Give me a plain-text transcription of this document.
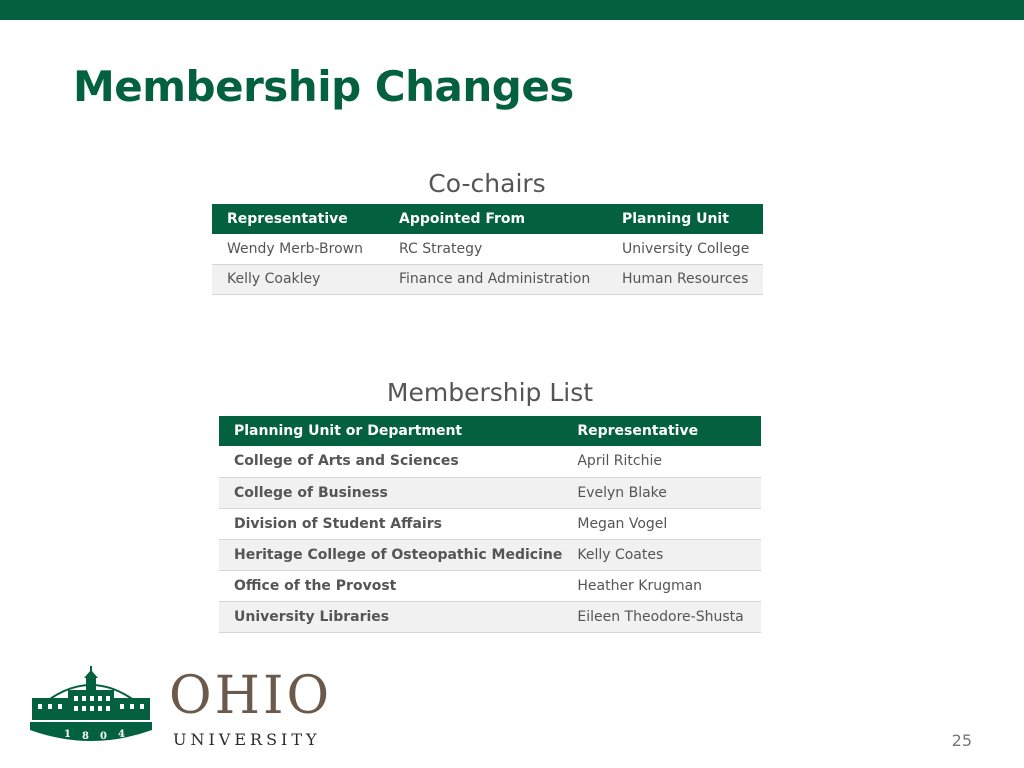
Membership Changes
Co-chairs
Representative	Appointed From	Planning Unit
Wendy Merb-Brown	RC Strategy	University College
Kelly Coakley	Finance and Administration	Human Resources
Membership List
Planning Unit or Department	Representative
College of Arts and Sciences	April Ritchie
College of Business	Evelyn Blake
Division of Student Affairs	Megan Vogel
Heritage College of Osteopathic Medicine	Kelly Coates
Office of the Provost	Heather Krugman
University Libraries	Eileen Theodore-Shusta
1 8 0 4
OHIO
UNIVERSITY	25
